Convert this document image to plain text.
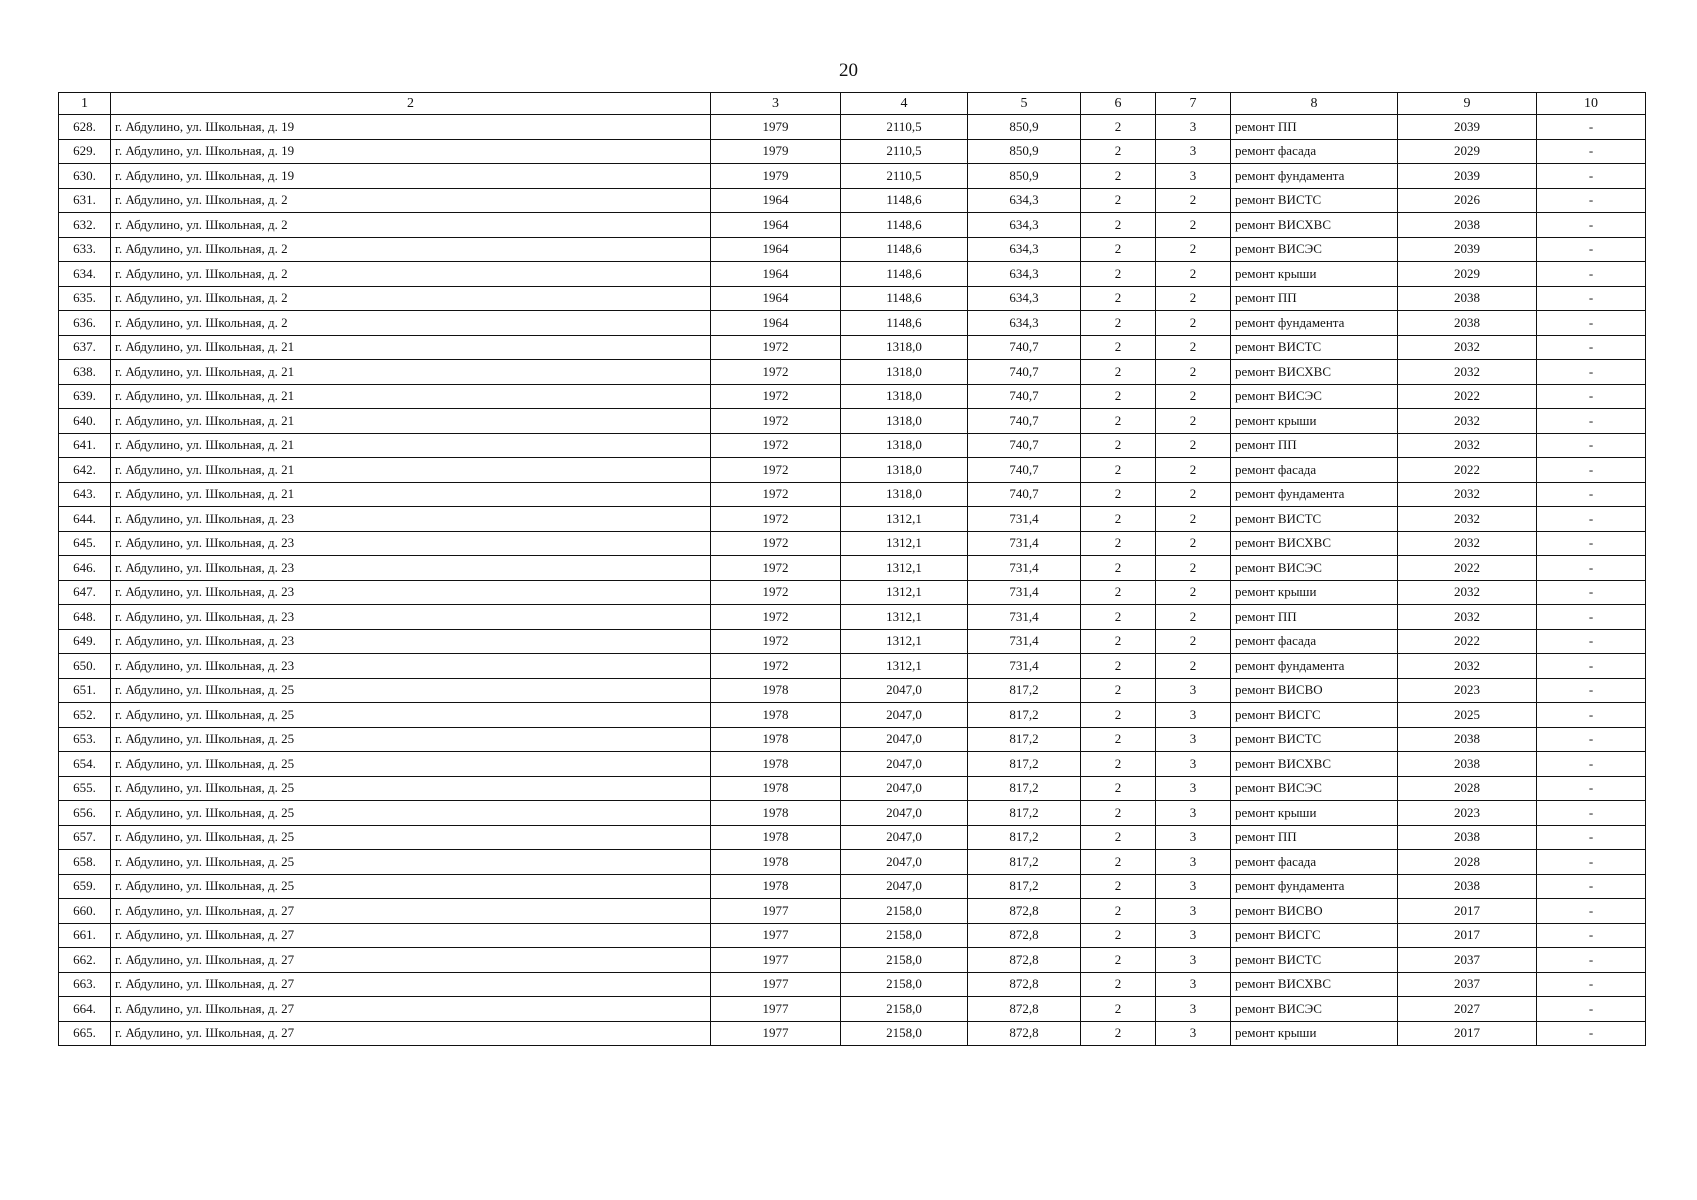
20
1	2	3	4	5	6	7	8	9	10
628.	г. Абдулино, ул. Школьная, д. 19	1979	2110,5	850,9	2	3	ремонт ПП	2039	-
629.	г. Абдулино, ул. Школьная, д. 19	1979	2110,5	850,9	2	3	ремонт фасада	2029	-
630.	г. Абдулино, ул. Школьная, д. 19	1979	2110,5	850,9	2	3	ремонт фундамента	2039	-
631.	г. Абдулино, ул. Школьная, д. 2	1964	1148,6	634,3	2	2	ремонт ВИСТС	2026	-
632.	г. Абдулино, ул. Школьная, д. 2	1964	1148,6	634,3	2	2	ремонт ВИСХВС	2038	-
633.	г. Абдулино, ул. Школьная, д. 2	1964	1148,6	634,3	2	2	ремонт ВИСЭС	2039	-
634.	г. Абдулино, ул. Школьная, д. 2	1964	1148,6	634,3	2	2	ремонт крыши	2029	-
635.	г. Абдулино, ул. Школьная, д. 2	1964	1148,6	634,3	2	2	ремонт ПП	2038	-
636.	г. Абдулино, ул. Школьная, д. 2	1964	1148,6	634,3	2	2	ремонт фундамента	2038	-
637.	г. Абдулино, ул. Школьная, д. 21	1972	1318,0	740,7	2	2	ремонт ВИСТС	2032	-
638.	г. Абдулино, ул. Школьная, д. 21	1972	1318,0	740,7	2	2	ремонт ВИСХВС	2032	-
639.	г. Абдулино, ул. Школьная, д. 21	1972	1318,0	740,7	2	2	ремонт ВИСЭС	2022	-
640.	г. Абдулино, ул. Школьная, д. 21	1972	1318,0	740,7	2	2	ремонт крыши	2032	-
641.	г. Абдулино, ул. Школьная, д. 21	1972	1318,0	740,7	2	2	ремонт ПП	2032	-
642.	г. Абдулино, ул. Школьная, д. 21	1972	1318,0	740,7	2	2	ремонт фасада	2022	-
643.	г. Абдулино, ул. Школьная, д. 21	1972	1318,0	740,7	2	2	ремонт фундамента	2032	-
644.	г. Абдулино, ул. Школьная, д. 23	1972	1312,1	731,4	2	2	ремонт ВИСТС	2032	-
645.	г. Абдулино, ул. Школьная, д. 23	1972	1312,1	731,4	2	2	ремонт ВИСХВС	2032	-
646.	г. Абдулино, ул. Школьная, д. 23	1972	1312,1	731,4	2	2	ремонт ВИСЭС	2022	-
647.	г. Абдулино, ул. Школьная, д. 23	1972	1312,1	731,4	2	2	ремонт крыши	2032	-
648.	г. Абдулино, ул. Школьная, д. 23	1972	1312,1	731,4	2	2	ремонт ПП	2032	-
649.	г. Абдулино, ул. Школьная, д. 23	1972	1312,1	731,4	2	2	ремонт фасада	2022	-
650.	г. Абдулино, ул. Школьная, д. 23	1972	1312,1	731,4	2	2	ремонт фундамента	2032	-
651.	г. Абдулино, ул. Школьная, д. 25	1978	2047,0	817,2	2	3	ремонт ВИСВО	2023	-
652.	г. Абдулино, ул. Школьная, д. 25	1978	2047,0	817,2	2	3	ремонт ВИСГС	2025	-
653.	г. Абдулино, ул. Школьная, д. 25	1978	2047,0	817,2	2	3	ремонт ВИСТС	2038	-
654.	г. Абдулино, ул. Школьная, д. 25	1978	2047,0	817,2	2	3	ремонт ВИСХВС	2038	-
655.	г. Абдулино, ул. Школьная, д. 25	1978	2047,0	817,2	2	3	ремонт ВИСЭС	2028	-
656.	г. Абдулино, ул. Школьная, д. 25	1978	2047,0	817,2	2	3	ремонт крыши	2023	-
657.	г. Абдулино, ул. Школьная, д. 25	1978	2047,0	817,2	2	3	ремонт ПП	2038	-
658.	г. Абдулино, ул. Школьная, д. 25	1978	2047,0	817,2	2	3	ремонт фасада	2028	-
659.	г. Абдулино, ул. Школьная, д. 25	1978	2047,0	817,2	2	3	ремонт фундамента	2038	-
660.	г. Абдулино, ул. Школьная, д. 27	1977	2158,0	872,8	2	3	ремонт ВИСВО	2017	-
661.	г. Абдулино, ул. Школьная, д. 27	1977	2158,0	872,8	2	3	ремонт ВИСГС	2017	-
662.	г. Абдулино, ул. Школьная, д. 27	1977	2158,0	872,8	2	3	ремонт ВИСТС	2037	-
663.	г. Абдулино, ул. Школьная, д. 27	1977	2158,0	872,8	2	3	ремонт ВИСХВС	2037	-
664.	г. Абдулино, ул. Школьная, д. 27	1977	2158,0	872,8	2	3	ремонт ВИСЭС	2027	-
665.	г. Абдулино, ул. Школьная, д. 27	1977	2158,0	872,8	2	3	ремонт крыши	2017	-
